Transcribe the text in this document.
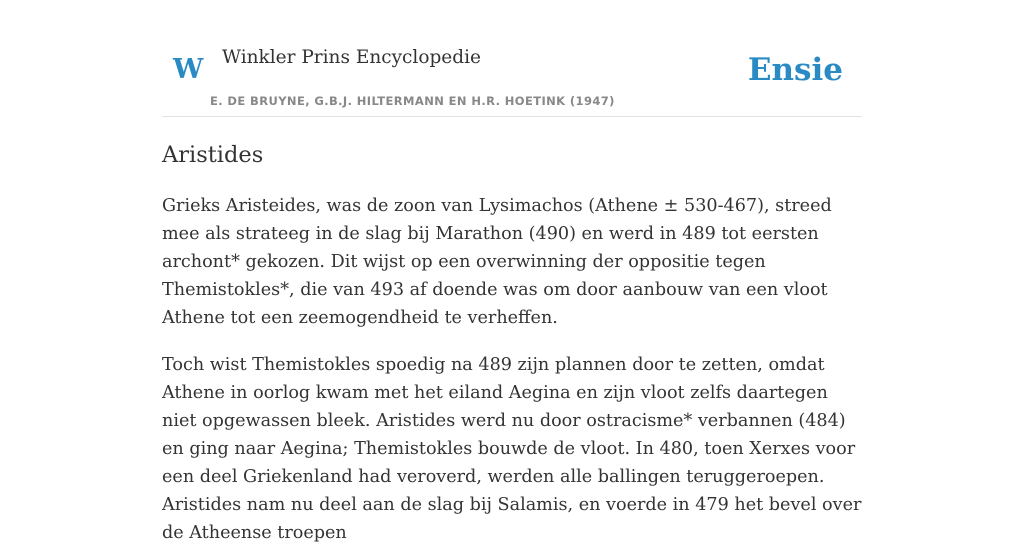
W Winkler Prins Encyclopedie
E. DE BRUYNE, G.B.J. HILTERMANN EN H.R. HOETINK (1947)
Ensie
Aristides

Grieks Aristeides, was de zoon van Lysimachos (Athene ± 530-467), streed mee als strateeg in de slag bij Marathon (490) en werd in 489 tot eersten archont* gekozen. Dit wijst op een overwinning der oppositie tegen Themistokles*, die van 493 af doende was om door aanbouw van een vloot Athene tot een zeemogendheid te verheffen.

Toch wist Themistokles spoedig na 489 zijn plannen door te zetten, omdat Athene in oorlog kwam met het eiland Aegina en zijn vloot zelfs daartegen niet opgewassen bleek. Aristides werd nu door ostracisme* verbannen (484) en ging naar Aegina; Themistokles bouwde de vloot. In 480, toen Xerxes voor een deel Griekenland had veroverd, werden alle ballingen teruggeroepen. Aristides nam nu deel aan de slag bij Salamis, en voerde in 479 het bevel over de Atheense troepen
